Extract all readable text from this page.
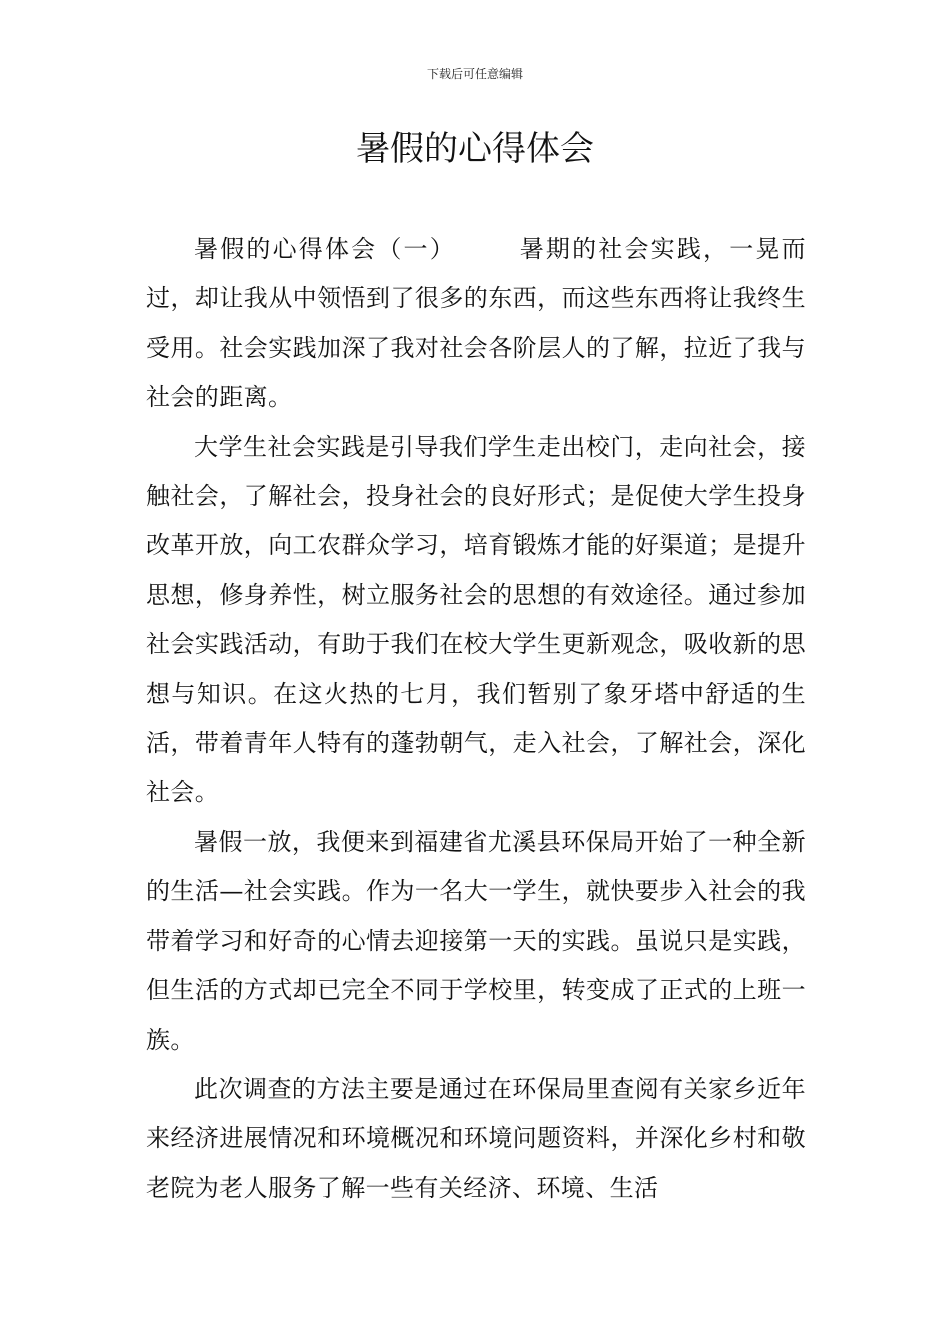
下载后可任意编辑
暑假的心得体会

暑假的心得体会（一）	暑期的社会实践，一晃而过，却让我从中领悟到了很多的东西，而这些东西将让我终生受用。社会实践加深了我对社会各阶层人的了解，拉近了我与社会的距离。

大学生社会实践是引导我们学生走出校门，走向社会，接触社会，了解社会，投身社会的良好形式；是促使大学生投身改革开放，向工农群众学习，培育锻炼才能的好渠道；是提升思想，修身养性，树立服务社会的思想的有效途径。通过参加社会实践活动，有助于我们在校大学生更新观念，吸收新的思想与知识。在这火热的七月，我们暂别了象牙塔中舒适的生活，带着青年人特有的蓬勃朝气，走入社会，了解社会，深化社会。

暑假一放，我便来到福建省尤溪县环保局开始了一种全新的生活—社会实践。作为一名大一学生，就快要步入社会的我带着学习和好奇的心情去迎接第一天的实践。虽说只是实践，但生活的方式却已完全不同于学校里，转变成了正式的上班一族。

此次调查的方法主要是通过在环保局里查阅有关家乡近年来经济进展情况和环境概况和环境问题资料，并深化乡村和敬老院为老人服务了解一些有关经济、环境、生活
